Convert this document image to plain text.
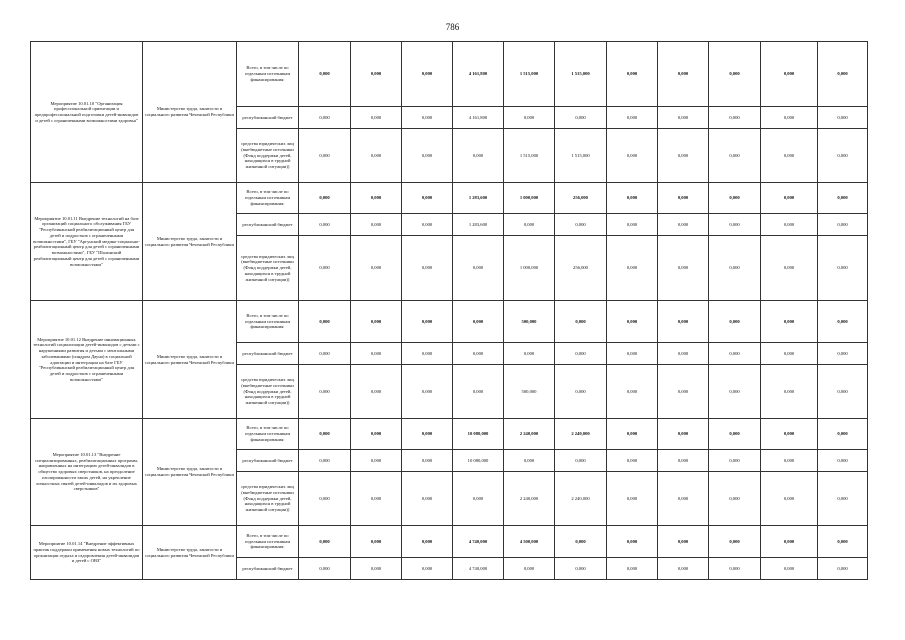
786
Мероприятие 10.01.10 "Организация профессиональной ориентации и предпрофессиональной подготовки детей-инвалидов и детей с ограниченными возможностями здоровья"	Министерство труда, занятости и социального развития Чеченской Республики	Всего, в том числе по отдельным источникам финансирования:	0,000	0,000	0,000	4 161,800	1 515,000	1 515,000	0,000	0,000	0,000	0,000	0,000
		республиканский бюджет	0,000	0,000	0,000	4 161,800	0,000	0,000	0,000	0,000	0,000	0,000	0,000
		средства юридических лиц (внебюджетные источники (Фонд поддержки детей, находящихся в трудной жизненной ситуации))	0,000	0,000	0,000	0,000	1 515,000	1 515,000	0,000	0,000	0,000	0,000	0,000
Мероприятие 10.01.11 Внедрение технологий на базе организаций социального обслуживания ГБУ "Республиканский реабилитационный центр для детей и подростков с ограниченными возможностями", ГБУ "Аргунский медико-социально-реабилитационный центр для детей с ограниченными возможностями", ГБУ "Шалинский реабилитационный центр для детей с ограниченными возможностями"	Министерство труда, занятости и социального развития Чеченской Республики	Всего, в том числе по отдельным источникам финансирования:	0,000	0,000	0,000	1 283,600	1 000,000	256,000	0,000	0,000	0,000	0,000	0,000
		республиканский бюджет	0,000	0,000	0,000	1 283,600	0,000	0,000	0,000	0,000	0,000	0,000	0,000
		средства юридических лиц (внебюджетные источники (Фонд поддержки детей, находящихся в трудной жизненной ситуации))	0,000	0,000	0,000	0,000	1 000,000	256,000	0,000	0,000	0,000	0,000	0,000
Мероприятие 10.01.12 Внедрение инновационных технологий социализации детей-инвалидов с детьми с нарушениями развития и детьми с ментальными заболеваниями (синдром Дауна) в социальной адаптации и интеграции на базе ГБУ "Республиканский реабилитационный центр для детей и подростков с ограниченными возможностями"	Министерство труда, занятости и социального развития Чеченской Республики	Всего, в том числе по отдельным источникам финансирования:	0,000	0,000	0,000	0,000	500,000	0,000	0,000	0,000	0,000	0,000	0,000
		республиканский бюджет	0,000	0,000	0,000	0,000	0,000	0,000	0,000	0,000	0,000	0,000	0,000
		средства юридических лиц (внебюджетные источники (Фонд поддержки детей, находящихся в трудной жизненной ситуации))	0,000	0,000	0,000	0,000	500,000	0,000	0,000	0,000	0,000	0,000	0,000
Мероприятие 10.01.13 "Внедрение специализированных, реабилитационных программ, направленных на интеграцию детей-инвалидов в общество здоровых сверстников, на преодоление изолированности таких детей, на укрепление личностных связей детей-инвалидов и их здоровых сверстников"	Министерство труда, занятости и социального развития Чеченской Республики	Всего, в том числе по отдельным источникам финансирования:	0,000	0,000	0,000	10 080,000	2 240,000	2 240,000	0,000	0,000	0,000	0,000	0,000
		республиканский бюджет	0,000	0,000	0,000	10 080,000	0,000	0,000	0,000	0,000	0,000	0,000	0,000
		средства юридических лиц (внебюджетные источники (Фонд поддержки детей, находящихся в трудной жизненной ситуации))	0,000	0,000	0,000	0,000	2 240,000	2 240,000	0,000	0,000	0,000	0,000	0,000
Мероприятие 10.01.14 "Внедрение эффективных практик поддержки применения новых технологий по организации отдыха и оздоровления детей-инвалидов и детей с ОВЗ"	Министерство труда, занятости и социального развития Чеченской Республики	Всего, в том числе по отдельным источникам финансирования:	0,000	0,000	0,000	4 740,000	4 500,000	0,000	0,000	0,000	0,000	0,000	0,000
		республиканский бюджет	0,000	0,000	0,000	4 740,000	0,000	0,000	0,000	0,000	0,000	0,000	0,000
